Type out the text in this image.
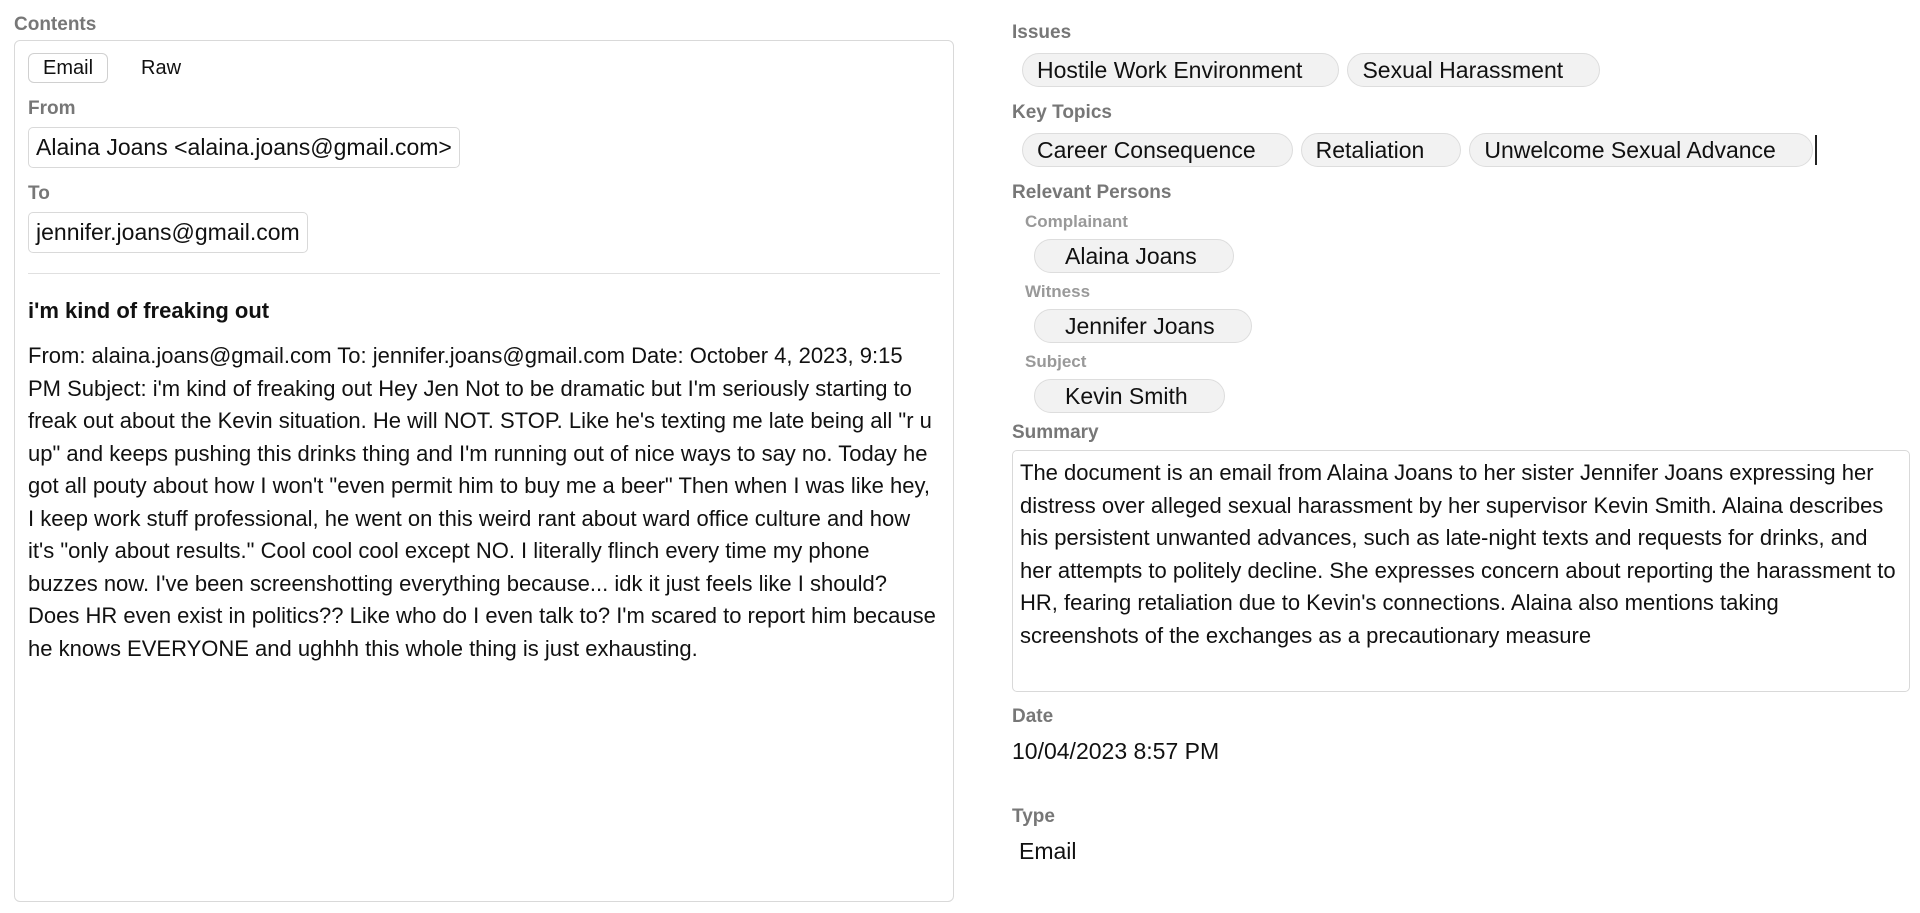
Contents
Email	Raw
From
Alaina Joans <alaina.joans@gmail.com>
To
jennifer.joans@gmail.com
i'm kind of freaking out
From: alaina.joans@gmail.com To: jennifer.joans@gmail.com Date: October 4, 2023, 9:15 PM Subject: i'm kind of freaking out Hey Jen Not to be dramatic but I'm seriously starting to freak out about the Kevin situation. He will NOT. STOP. Like he's texting me late being all "r u up" and keeps pushing this drinks thing and I'm running out of nice ways to say no. Today he got all pouty about how I won't "even permit him to buy me a beer" Then when I was like hey, I keep work stuff professional, he went on this weird rant about ward office culture and how it's "only about results." Cool cool cool except NO. I literally flinch every time my phone buzzes now. I've been screenshotting everything because... idk it just feels like I should? Does HR even exist in politics?? Like who do I even talk to? I'm scared to report him because he knows EVERYONE and ughhh this whole thing is just exhausting.
Issues
Hostile Work Environment	Sexual Harassment
Key Topics
Career Consequence	Retaliation	Unwelcome Sexual Advance
Relevant Persons
Complainant
Alaina Joans
Witness
Jennifer Joans
Subject
Kevin Smith
Summary
The document is an email from Alaina Joans to her sister Jennifer Joans expressing her distress over alleged sexual harassment by her supervisor Kevin Smith. Alaina describes his persistent unwanted advances, such as late-night texts and requests for drinks, and her attempts to politely decline. She expresses concern about reporting the harassment to HR, fearing retaliation due to Kevin's connections. Alaina also mentions taking screenshots of the exchanges as a precautionary measure
Date
10/04/2023 8:57 PM
Type
Email
